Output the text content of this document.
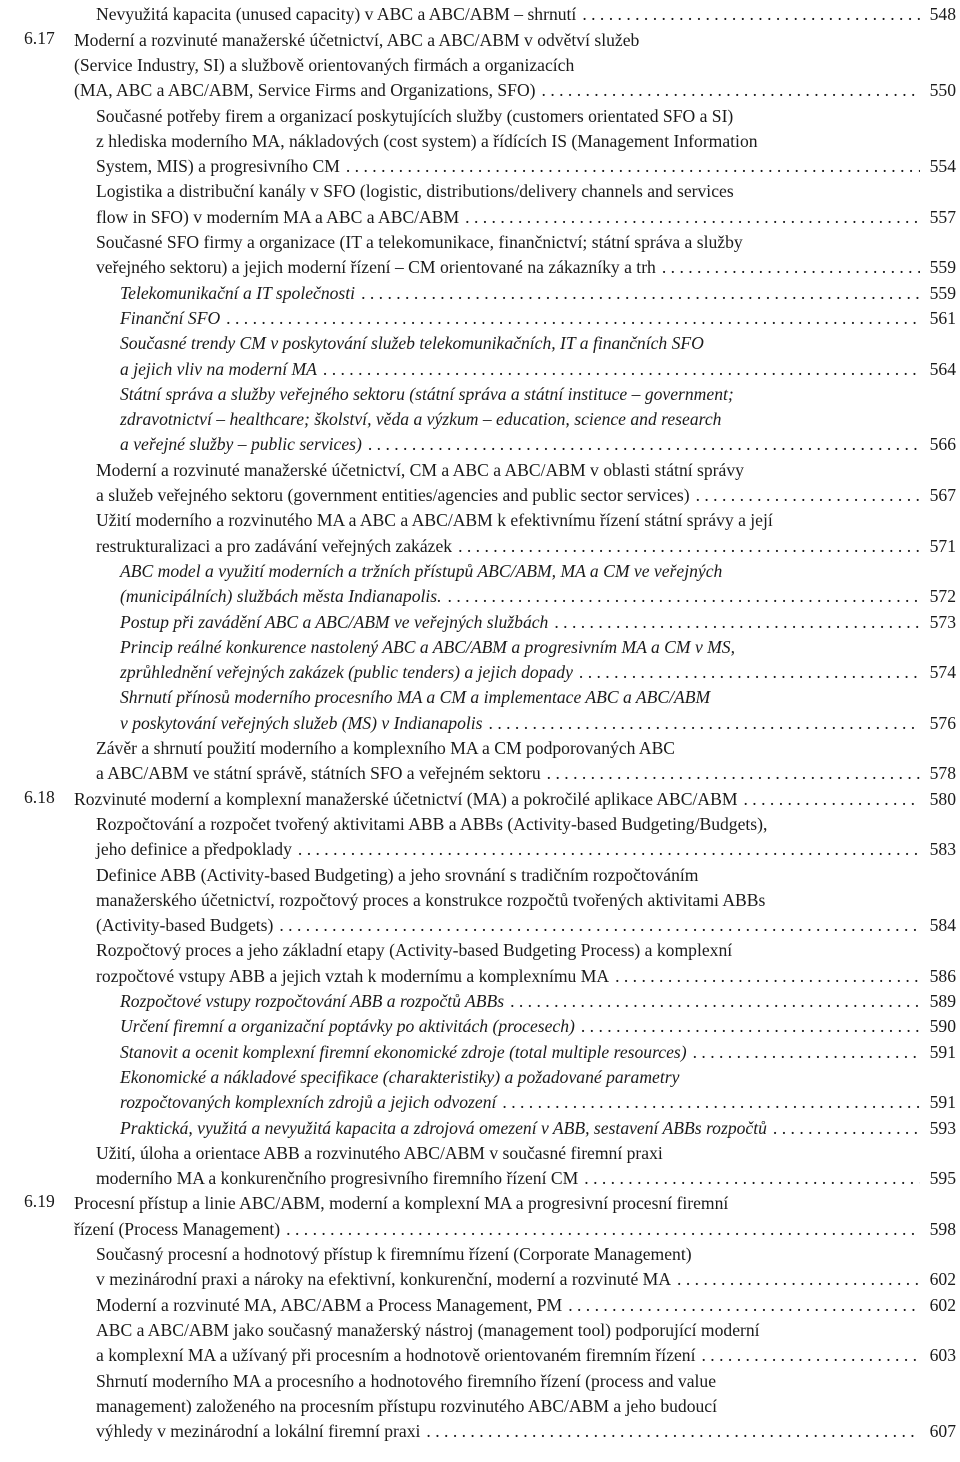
Nevyužitá kapacita (unused capacity) v ABC a ABC/ABM – shrnutí . . .	548
6.17 Moderní a rozvinuté manažerské účetnictví, ABC a ABC/ABM v odvětví služeb
(Service Industry, SI) a službově orientovaných firmách a organizacích
(MA, ABC a ABC/ABM, Service Firms and Organizations, SFO) . . .	550
Současné potřeby firem a organizací poskytujících služby (customers orientated SFO a SI)
z hlediska moderního MA, nákladových (cost system) a řídících IS (Management Information
System, MIS) a progresivního CM . . .	554
Logistika a distribuční kanály v SFO (logistic, distributions/delivery channels and services
flow in SFO) v moderním MA a ABC a ABC/ABM . . .	557
Současné SFO firmy a organizace (IT a telekomunikace, finančnictví; státní správa a služby
veřejného sektoru) a jejich moderní řízení – CM orientované na zákazníky a trh . . .	559
Telekomunikační a IT společnosti . . .	559
Finanční SFO . . .	561
Současné trendy CM v poskytování služeb telekomunikačních, IT a finančních SFO
a jejich vliv na moderní MA . . .	564
Státní správa a služby veřejného sektoru (státní správa a státní instituce – government;
zdravotnictví – healthcare; školství, věda a výzkum – education, science and research
a veřejné služby – public services) . . .	566
Moderní a rozvinuté manažerské účetnictví, CM a ABC a ABC/ABM v oblasti státní správy
a služeb veřejného sektoru (government entities/agencies and public sector services) . . .	567
Užití moderního a rozvinutého MA a ABC a ABC/ABM k efektivnímu řízení státní správy a její
restrukturalizaci a pro zadávání veřejných zakázek . . .	571
ABC model a využití moderních a tržních přístupů ABC/ABM, MA a CM ve veřejných
(municipálních) službách města Indianapolis. . . .	572
Postup při zavádění ABC a ABC/ABM ve veřejných službách . . .	573
Princip reálné konkurence nastolený ABC a ABC/ABM a progresivním MA a CM v MS,
zprůhlednění veřejných zakázek (public tenders) a jejich dopady . . .	574
Shrnutí přínosů moderního procesního MA a CM a implementace ABC a ABC/ABM
v poskytování veřejných služeb (MS) v Indianapolis . . .	576
Závěr a shrnutí použití moderního a komplexního MA a CM podporovaných ABC
a ABC/ABM ve státní správě, státních SFO a veřejném sektoru . . .	578
6.18 Rozvinuté moderní a komplexní manažerské účetnictví (MA) a pokročilé aplikace ABC/ABM . . .	580
Rozpočtování a rozpočet tvořený aktivitami ABB a ABBs (Activity-based Budgeting/Budgets),
jeho definice a předpoklady . . .	583
Definice ABB (Activity-based Budgeting) a jeho srovnání s tradičním rozpočtováním
manažerského účetnictví, rozpočtový proces a konstrukce rozpočtů tvořených aktivitami ABBs
(Activity-based Budgets) . . .	584
Rozpočtový proces a jeho základní etapy (Activity-based Budgeting Process) a komplexní
rozpočtové vstupy ABB a jejich vztah k modernímu a komplexnímu MA . . .	586
Rozpočtové vstupy rozpočtování ABB a rozpočtů ABBs . . .	589
Určení firemní a organizační poptávky po aktivitách (procesech) . . .	590
Stanovit a ocenit komplexní firemní ekonomické zdroje (total multiple resources) . . .	591
Ekonomické a nákladové specifikace (charakteristiky) a požadované parametry
rozpočtovaných komplexních zdrojů a jejich odvození . . .	591
Praktická, využitá a nevyužitá kapacita a zdrojová omezení v ABB, sestavení ABBs rozpočtů . . .	593
Užití, úloha a orientace ABB a rozvinutého ABC/ABM v současné firemní praxi
moderního MA a konkurenčního progresivního firemního řízení CM . . .	595
6.19 Procesní přístup a linie ABC/ABM, moderní a komplexní MA a progresivní procesní firemní
řízení (Process Management) . . .	598
Současný procesní a hodnotový přístup k firemnímu řízení (Corporate Management)
v mezinárodní praxi a nároky na efektivní, konkurenční, moderní a rozvinuté MA . . .	602
Moderní a rozvinuté MA, ABC/ABM a Process Management, PM . . .	602
ABC a ABC/ABM jako současný manažerský nástroj (management tool) podporující moderní
a komplexní MA a užívaný při procesním a hodnotově orientovaném firemním řízení . . .	603
Shrnutí moderního MA a procesního a hodnotového firemního řízení (process and value
management) založeného na procesním přístupu rozvinutého ABC/ABM a jeho budoucí
výhledy v mezinárodní a lokální firemní praxi . . .	607
